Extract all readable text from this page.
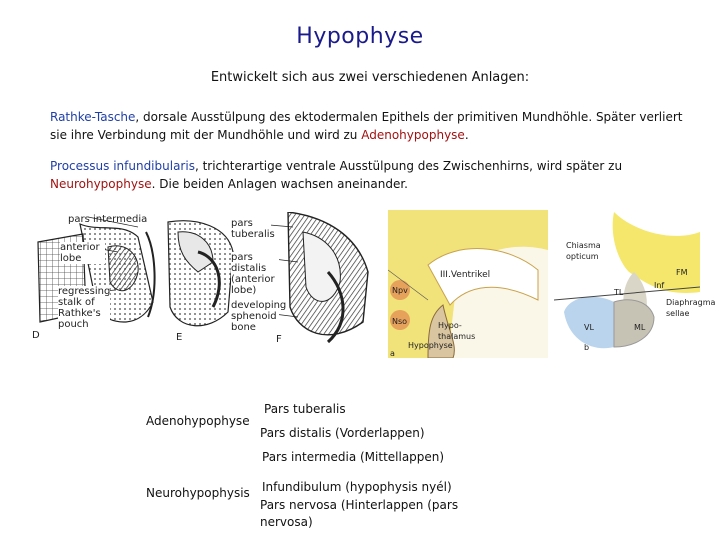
Hypophyse
Entwickelt sich aus zwei verschiedenen Anlagen:
Rathke-Tasche, dorsale Ausstülpung des ektodermalen Epithels der primitiven Mundhöhle. Später verliert sie ihre Verbindung mit der Mundhöhle und wird zu Adenohypophyse.
Processus infundibularis, trichterartige ventrale Ausstülpung des Zwischenhirns, wird später zu Neurohypophyse. Die beiden Anlagen wachsen aneinander.
pars intermedia
anterior lobe
regressing stalk of Rathke's pouch
pars tuberalis
pars distalis (anterior lobe)
developing sphenoid bone
D	E	F
III.Ventrikel
Npv
Nso	Hypo-thalamus
Hypophyse
a
Chiasma opticum
Inf
TL
FM
Diaphragma sellae
VL	ML
b
Adenohypophyse
Pars tuberalis
Pars distalis (Vorderlappen)
Pars intermedia (Mittellappen)
Neurohypophysis Infundibulum (hypophysis nyél)
Pars nervosa (Hinterlappen (pars nervosa)
